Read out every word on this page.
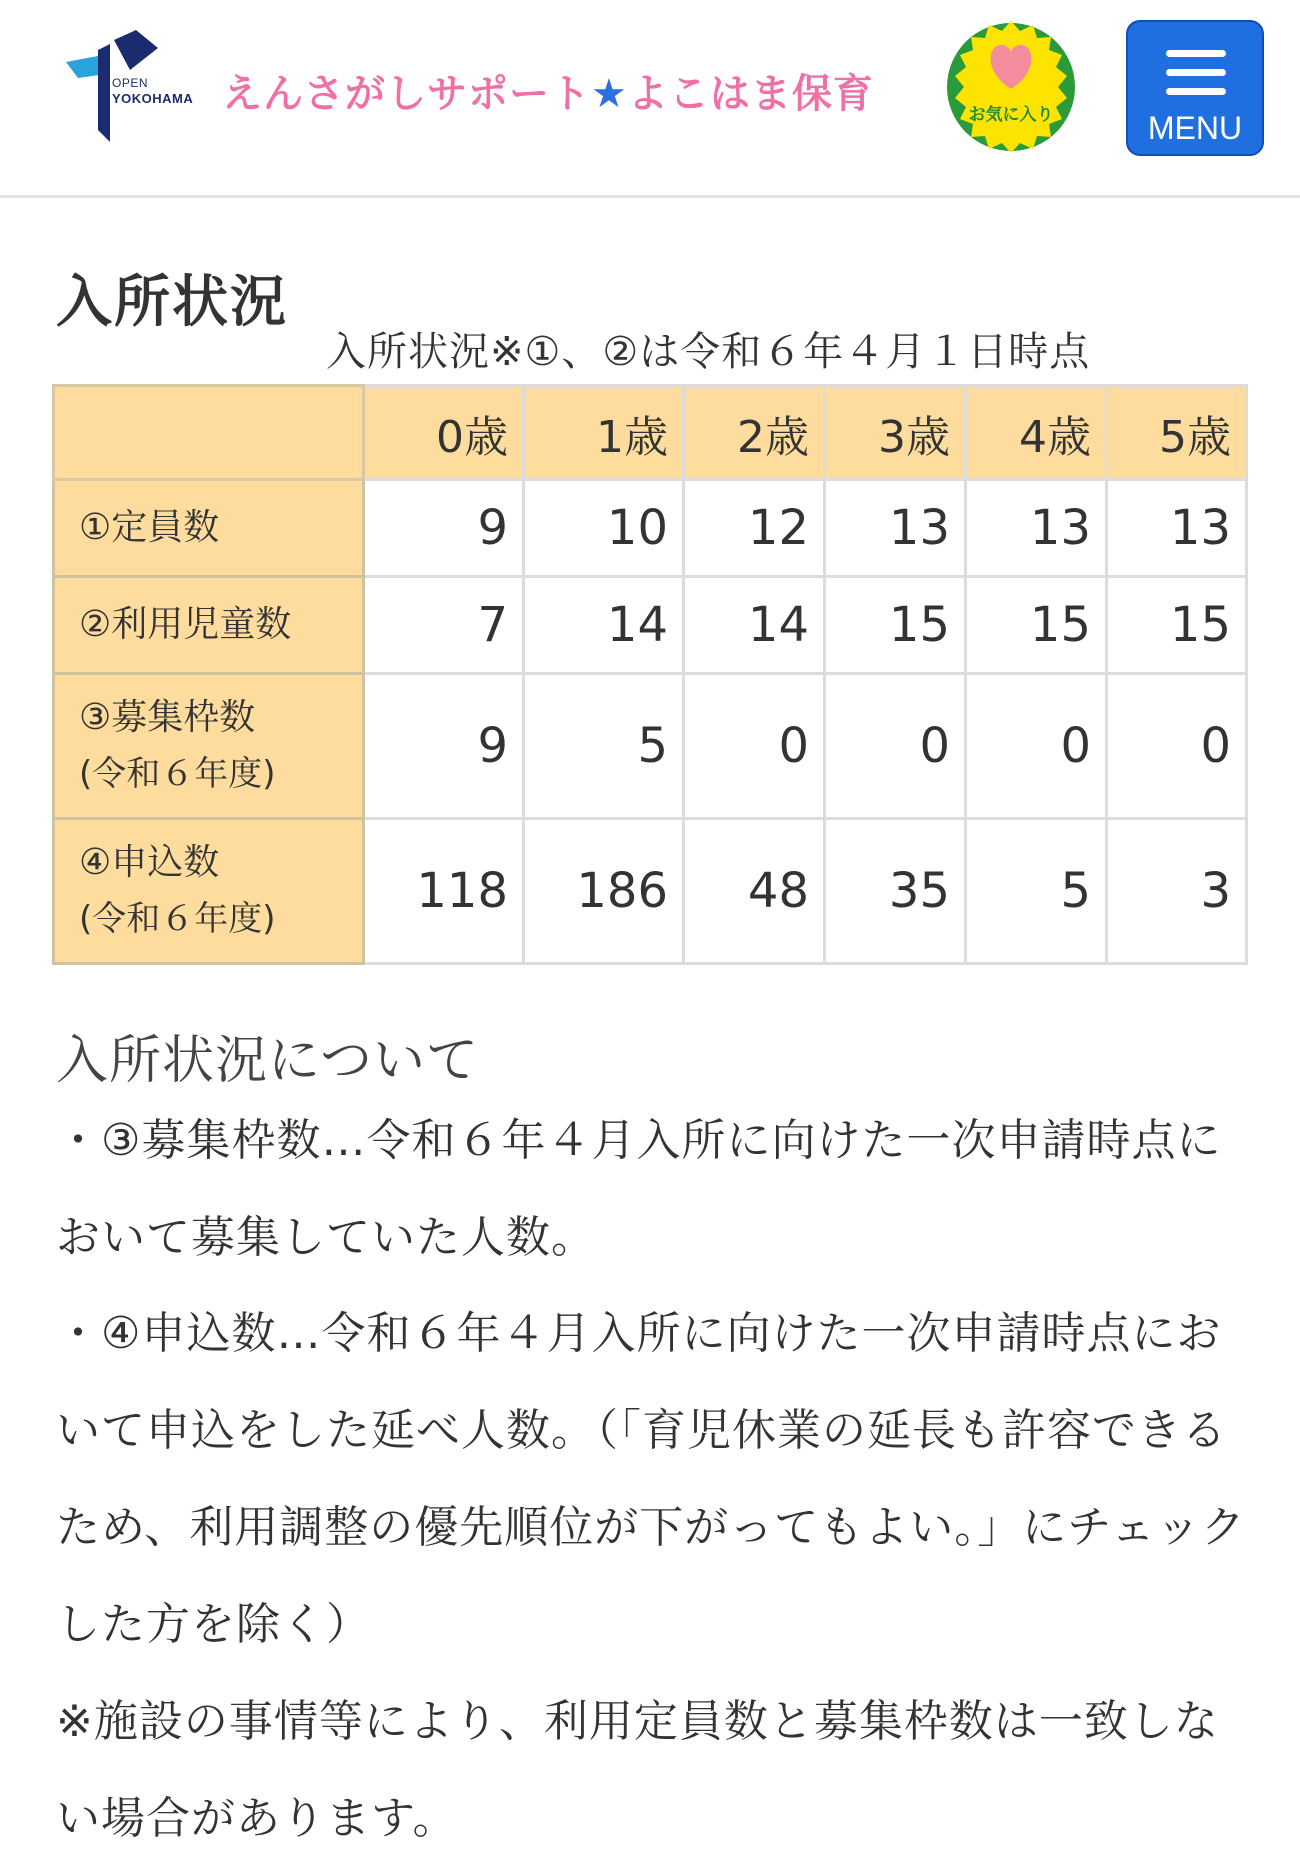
OPEN
YOKOHAMA えんさがしサポート★よこはま保育	お気に入り	MENU
入所状況
入所状況※①、②は令和６年４月１日時点
	0歳	1歳	2歳	3歳	4歳	5歳

①定員数	9	10	12	13	13	13

②利用児童数	7	14	14	15	15	15

③募集枠数
(令和６年度)	9	5	0	0	0	0

④申込数
(令和６年度)	118	186	48	35	5	3
入所状況について
・③募集枠数…令和６年４月入所に向けた一次申請時点において募集していた人数。
・④申込数…令和６年４月入所に向けた一次申請時点において申込をした延べ人数。（「育児休業の延長も許容できるため、利用調整の優先順位が下がってもよい。」にチェックした方を除く）
※施設の事情等により、利用定員数と募集枠数は一致しない場合があります。
